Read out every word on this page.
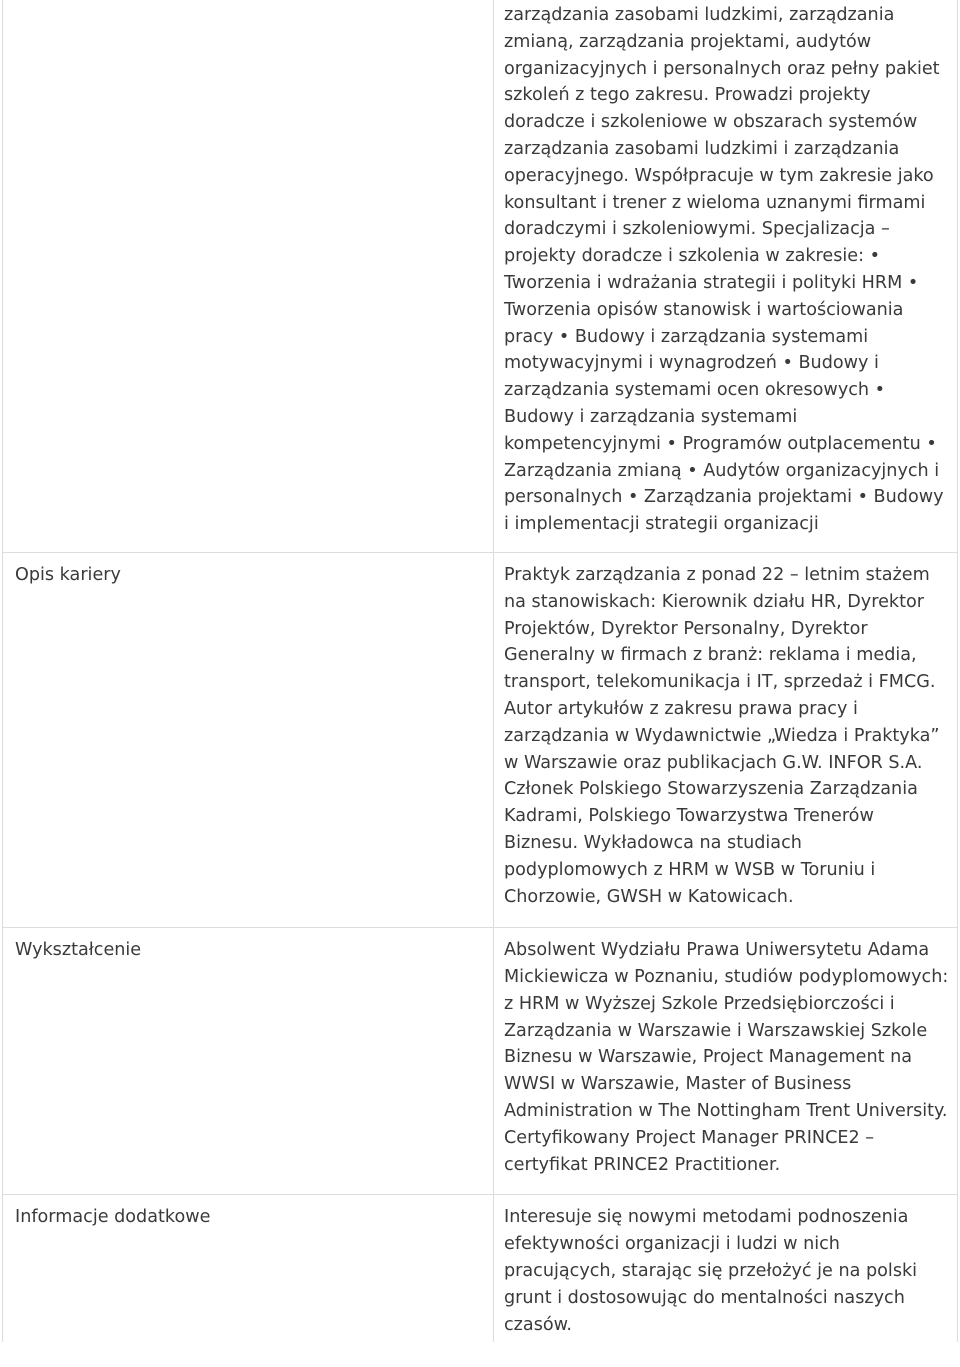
	zarządzania zasobami ludzkimi, zarządzania zmianą, zarządzania projektami, audytów organizacyjnych i personalnych oraz pełny pakiet szkoleń z tego zakresu. Prowadzi projekty doradcze i szkoleniowe w obszarach systemów zarządzania zasobami ludzkimi i zarządzania operacyjnego. Współpracuje w tym zakresie jako konsultant i trener z wieloma uznanymi firmami doradczymi i szkoleniowymi. Specjalizacja – projekty doradcze i szkolenia w zakresie: • Tworzenia i wdrażania strategii i polityki HRM • Tworzenia opisów stanowisk i wartościowania pracy • Budowy i zarządzania systemami motywacyjnymi i wynagrodzeń • Budowy i zarządzania systemami ocen okresowych • Budowy i zarządzania systemami kompetencyjnymi • Programów outplacementu • Zarządzania zmianą • Audytów organizacyjnych i personalnych • Zarządzania projektami • Budowy i implementacji strategii organizacji

Opis kariery	Praktyk zarządzania z ponad 22 – letnim stażem na stanowiskach: Kierownik działu HR, Dyrektor Projektów, Dyrektor Personalny, Dyrektor Generalny w firmach z branż: reklama i media, transport, telekomunikacja i IT, sprzedaż i FMCG. Autor artykułów z zakresu prawa pracy i zarządzania w Wydawnictwie „Wiedza i Praktyka” w Warszawie oraz publikacjach G.W. INFOR S.A. Członek Polskiego Stowarzyszenia Zarządzania Kadrami, Polskiego Towarzystwa Trenerów Biznesu. Wykładowca na studiach podyplomowych z HRM w WSB w Toruniu i Chorzowie, GWSH w Katowicach.

Wykształcenie	Absolwent Wydziału Prawa Uniwersytetu Adama Mickiewicza w Poznaniu, studiów podyplomowych: z HRM w Wyższej Szkole Przedsiębiorczości i Zarządzania w Warszawie i Warszawskiej Szkole Biznesu w Warszawie, Project Management na WWSI w Warszawie, Master of Business Administration w The Nottingham Trent University. Certyfikowany Project Manager PRINCE2 – certyfikat PRINCE2 Practitioner.

Informacje dodatkowe	Interesuje się nowymi metodami podnoszenia efektywności organizacji i ludzi w nich pracujących, starając się przełożyć je na polski grunt i dostosowując do mentalności naszych czasów.
